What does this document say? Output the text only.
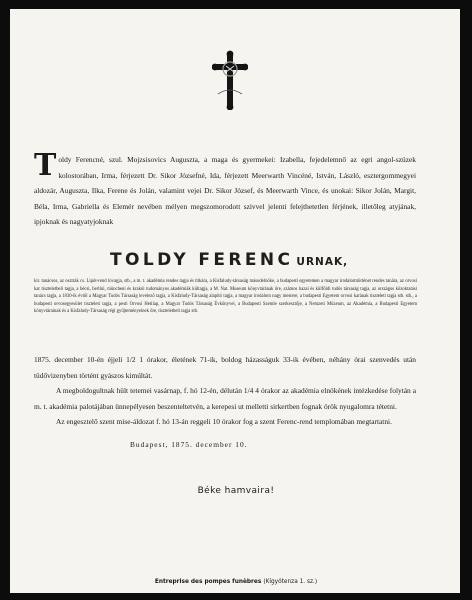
Toldy Ferencné, szul. Mojzsisovics Auguszta, a maga és gyermekei: Izabella, fejedelemnő az egri angol-szüzek kolostorában, Irma, férjezett Dr. Sikor Józsefné, Ida, férjezett Meerwarth Vincéné, István, László, esztergommegyei aldozár, Auguszta, Ilka, Ferene és Jolán, valamint vejei Dr. Sikor József, és Meerwarth Vince, és unokai: Sikor Jolán, Margit, Béla, Irma, Gabriella és Elemér nevében mélyen megszomorodott szivvel jelenti felejthetetlen férjének, illetőleg atyjának, ipjoknak és nagyatyjoknak

TOLDY FERENC URNAK,

kir. tanácsos, az osztrák cs. Lipót-rend lovagja, stb., a m. t. akadémia rendes tagja és titkára, a Kisfaludy-társaság másodelnöke, a budapesti egyetemen a magyar irodalomtörténet rendes tanára, az orvosi kar tiszteletbeli tagja, a bécsi, berlini, müncheni és krakói tudományos akadémiák kültagja, a M. Nat. Museum könyvtárának őre, számos hazai és külföldi tudós társaság tagja, az országos közoktatási tanács tagja, a 1830-ik évtől a Magyar Tudós Társaság levelező tagja, a Kisfaludy-Társaság alapító tagja, a magyar irodalom nagy mestere, a budapesti Egyetem orvosi karának tiszteleti tagja stb. stb., a budapesti orvosegyesület tiszteleti tagja, a pesti Orvosi Hetilap, a Magyar Tudós Társaság Évkönyvei, a Budapesti Szemle szerkesztője, a Nemzeti Múzeum, az Akadémia, a Budapesti Egyetem könyvtárainak és a Kisfaludy-Társaság régi gyűjteményeinek őre, tiszteletbeli tagja stb.

1875. december 10-én éjjeli 1/2 1 órakor, életének 71-ik, boldog házasságuk 33-ik évében, néhány órai szenvedés után tüdővizenyben történt gyászos kimúltát.

A megboldogultnak hült tetemei vasárnap, f. hó 12-én, délután 1/4 4 órakor az akadémia elnökének intézkedése folytán a m. t. akadémia palotájában ünnepélyesen beszenteltetvén, a kerepesi ut melletti sirkertben fognak örök nyugalomra tétetni.

Az engesztelő szent mise-áldozat f. hó 13-án reggeli 10 órakor fog a szent Ferenc-rend templomában megtartatni.

Budapest, 1875. december 10.
Béke hamvaira!
Entreprise des pompes funèbres (Kígyótenza 1. sz.)
